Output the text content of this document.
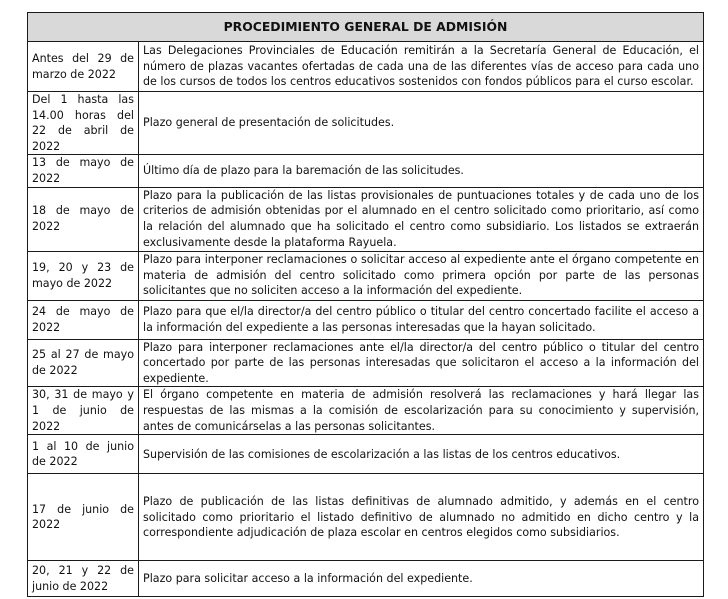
PROCEDIMIENTO GENERAL DE ADMISIÓN	
Antes del 29 de marzo de 2022	Las Delegaciones Provinciales de Educación remitirán a la Secretaría General de Educación, el número de plazas vacantes ofertadas de cada una de las diferentes vías de acceso para cada uno de los cursos de todos los centros educativos sostenidos con fondos públicos para el curso escolar.
Del 1 hasta las 14.00 horas del 22 de abril de 2022	Plazo general de presentación de solicitudes.
13 de mayo de 2022	Último día de plazo para la baremación de las solicitudes.
18 de mayo de 2022	Plazo para la publicación de las listas provisionales de puntuaciones totales y de cada uno de los criterios de admisión obtenidas por el alumnado en el centro solicitado como prioritario, así como la relación del alumnado que ha solicitado el centro como subsidiario. Los listados se extraerán exclusivamente desde la plataforma Rayuela.
19, 20 y 23 de mayo de 2022	Plazo para interponer reclamaciones o solicitar acceso al expediente ante el órgano competente en materia de admisión del centro solicitado como primera opción por parte de las personas solicitantes que no soliciten acceso a la información del expediente.
24 de mayo de 2022	Plazo para que el/la director/a del centro público o titular del centro concertado facilite el acceso a la información del expediente a las personas interesadas que la hayan solicitado.
25 al 27 de mayo de 2022	Plazo para interponer reclamaciones ante el/la director/a del centro público o titular del centro concertado por parte de las personas interesadas que solicitaron el acceso a la información del expediente.
30, 31 de mayo y 1 de junio de 2022	El órgano competente en materia de admisión resolverá las reclamaciones y hará llegar las respuestas de las mismas a la comisión de escolarización para su conocimiento y supervisión, antes de comunicárselas a las personas solicitantes.
1 al 10 de junio de 2022	Supervisión de las comisiones de escolarización a las listas de los centros educativos.
17 de junio de 2022	Plazo de publicación de las listas definitivas de alumnado admitido, y además en el centro solicitado como prioritario el listado definitivo de alumnado no admitido en dicho centro y la correspondiente adjudicación de plaza escolar en centros elegidos como subsidiarios.
20, 21 y 22 de junio de 2022	Plazo para solicitar acceso a la información del expediente.
